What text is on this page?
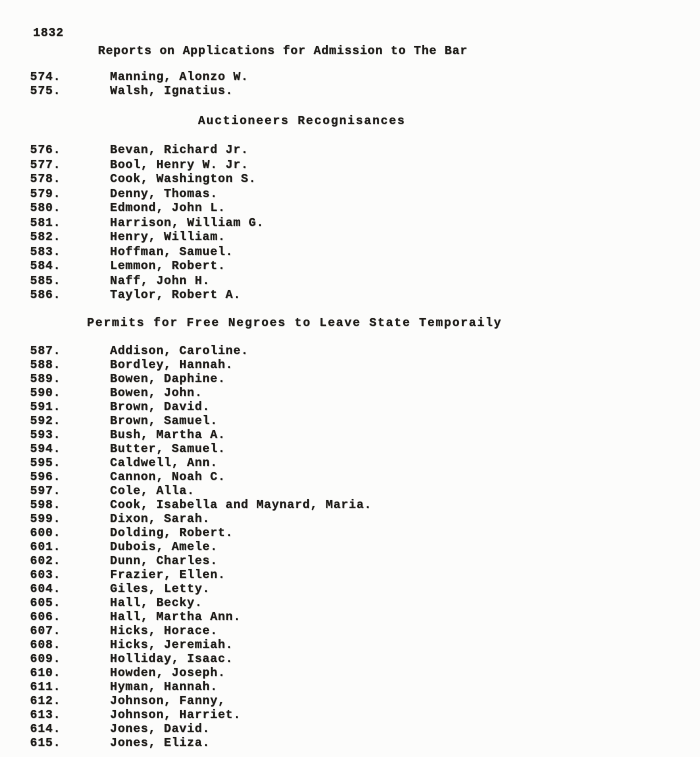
1832
Reports on Applications for Admission to The Bar
574.	Manning, Alonzo W.
575.	Walsh, Ignatius.
Auctioneers Recognisances
576.	Bevan, Richard Jr.
577.	Bool, Henry W. Jr.
578.	Cook, Washington S.
579.	Denny, Thomas.
580.	Edmond, John L.
581.	Harrison, William G.
582.	Henry, William.
583.	Hoffman, Samuel.
584.	Lemmon, Robert.
585.	Naff, John H.
586.	Taylor, Robert A.
Permits for Free Negroes to Leave State Temporaily
587.	Addison, Caroline.
588.	Bordley, Hannah.
589.	Bowen, Daphine.
590.	Bowen, John.
591.	Brown, David.
592.	Brown, Samuel.
593.	Bush, Martha A.
594.	Butter, Samuel.
595.	Caldwell, Ann.
596.	Cannon, Noah C.
597.	Cole, Alla.
598.	Cook, Isabella and Maynard, Maria.
599.	Dixon, Sarah.
600.	Dolding, Robert.
601.	Dubois, Amele.
602.	Dunn, Charles.
603.	Frazier, Ellen.
604.	Giles, Letty.
605.	Hall, Becky.
606.	Hall, Martha Ann.
607.	Hicks, Horace.
608.	Hicks, Jeremiah.
609.	Holliday, Isaac.
610.	Howden, Joseph.
611.	Hyman, Hannah.
612.	Johnson, Fanny,
613.	Johnson, Harriet.
614.	Jones, David.
615.	Jones, Eliza.
